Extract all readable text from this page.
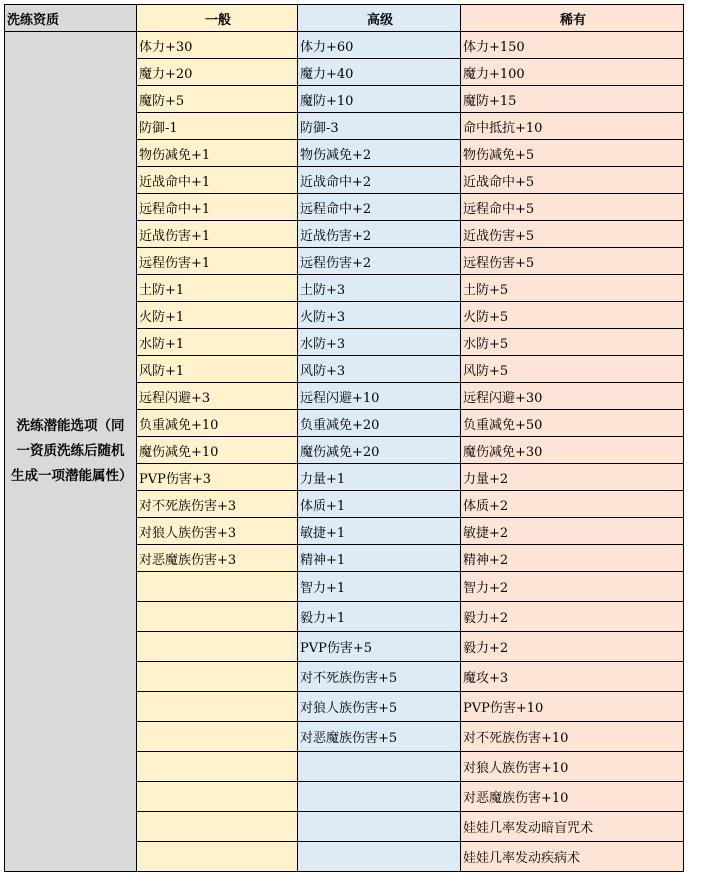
洗练资质	一般	高级	稀有
洗练潜能选项（同一资质洗练后随机生成一项潜能属性）	体力+30	体力+60	体力+150
	魔力+20	魔力+40	魔力+100
	魔防+5	魔防+10	魔防+15
	防御-1	防御-3	命中抵抗+10
	物伤减免+1	物伤减免+2	物伤减免+5
	近战命中+1	近战命中+2	近战命中+5
	远程命中+1	远程命中+2	远程命中+5
	近战伤害+1	近战伤害+2	近战伤害+5
	远程伤害+1	远程伤害+2	远程伤害+5
	土防+1	土防+3	土防+5
	火防+1	火防+3	火防+5
	水防+1	水防+3	水防+5
	风防+1	风防+3	风防+5
	远程闪避+3	远程闪避+10	远程闪避+30
	负重减免+10	负重减免+20	负重减免+50
	魔伤减免+10	魔伤减免+20	魔伤减免+30
	PVP伤害+3	力量+1	力量+2
	对不死族伤害+3	体质+1	体质+2
	对狼人族伤害+3	敏捷+1	敏捷+2
	对恶魔族伤害+3	精神+1	精神+2
		智力+1	智力+2
		毅力+1	毅力+2
		PVP伤害+5	毅力+2
		对不死族伤害+5	魔攻+3
		对狼人族伤害+5	PVP伤害+10
		对恶魔族伤害+5	对不死族伤害+10
			对狼人族伤害+10
			对恶魔族伤害+10
			娃娃几率发动暗盲咒术
			娃娃几率发动疾病术
